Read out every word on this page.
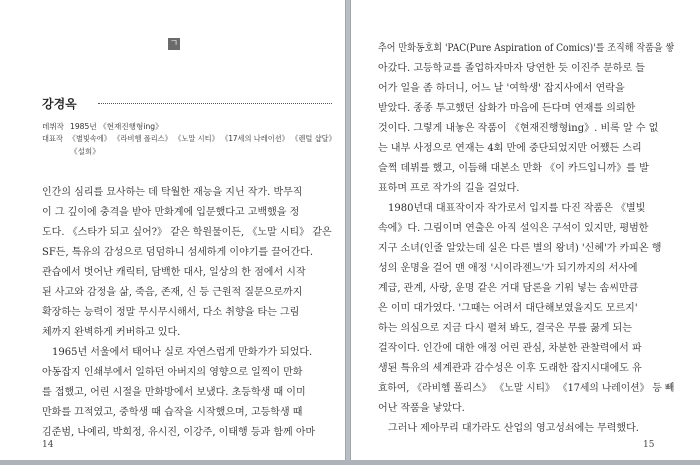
ㄱ
강경옥
데뷔작 1985년 《현재진행형ing》
대표작 《별빛속에》 《라비헴 폴리스》 《노말 시티》 《17세의 나레이션》 《렌털 샵달》
《설희》
인간의 심리를 묘사하는 데 탁월한 재능을 지닌 작가. 박무직
이 그 깊이에 충격을 받아 만화계에 입문했다고 고백했을 정
도다. 《스타가 되고 싶어?》 같은 학원물이든, 《노말 시티》 같은
SF든, 특유의 감성으로 덤덤하니 섬세하게 이야기를 끌어간다.
관습에서 벗어난 캐릭터, 담백한 대사, 일상의 한 점에서 시작
된 사고와 감정을 삶, 죽음, 존재, 신 등 근원적 질문으로까지
확장하는 능력이 정말 무시무시해서, 다소 취향을 타는 그림
체까지 완벽하게 커버하고 있다.
1965년 서울에서 태어나 실로 자연스럽게 만화가가 되었다.
아동잡지 인쇄부에서 일하던 아버지의 영향으로 일찍이 만화
를 접했고, 어린 시절을 만화방에서 보냈다. 초등학생 때 이미
만화를 끄적였고, 중학생 때 습작을 시작했으며, 고등학생 때
김준범, 나예리, 박희정, 유시진, 이강주, 이태행 등과 함께 아마
14
추어 만화동호회 'PAC(Pure Aspiration of Comics)'를 조직해 작품을 쌓
아갔다. 고등학교를 졸업하자마자 당연한 듯 이진주 문하로 들
어가 일을 좀 하더니, 어느 날 '여학생' 잡지사에서 연락을
받았다. 종종 투고했던 삽화가 마음에 든다며 연재를 의뢰한
것이다. 그렇게 내놓은 작품이 《현재진행형ing》. 비록 알 수 없
는 내부 사정으로 연재는 4회 만에 중단되었지만 어쨌든 스리
슬쩍 데뷔를 했고, 이듬해 대본소 만화 《이 카드입니까》를 발
표하며 프로 작가의 길을 걸었다.
1980년대 대표작이자 작가로서 입지를 다진 작품은 《별빛
속에》다. 그림이며 연출은 아직 설익은 구석이 있지만, 평범한
지구 소녀(인줄 알았는데 실은 다른 별의 왕녀) '신혜'가 카피온 행
성의 운명을 걸어 맨 애정 '시이라젠느'가 되기까지의 서사에
계급, 관계, 사랑, 운명 같은 거대 담론을 기워 넣는 솜씨만큼
은 이미 대가였다. '그때는 어려서 대단해보였을지도 모르지'
하는 의심으로 지금 다시 펼쳐 봐도, 결국은 무릎 꿇게 되는
걸작이다. 인간에 대한 애정 어린 관심, 차분한 관찰력에서 파
생된 특유의 세계관과 감수성은 이후 도래한 잡지시대에도 유
효하여, 《라비헴 폴리스》 《노말 시티》 《17세의 나레이션》 등 빼
어난 작품을 낳았다.
그러나 제아무리 대가라도 산업의 영고성쇠에는 무력했다.
15
